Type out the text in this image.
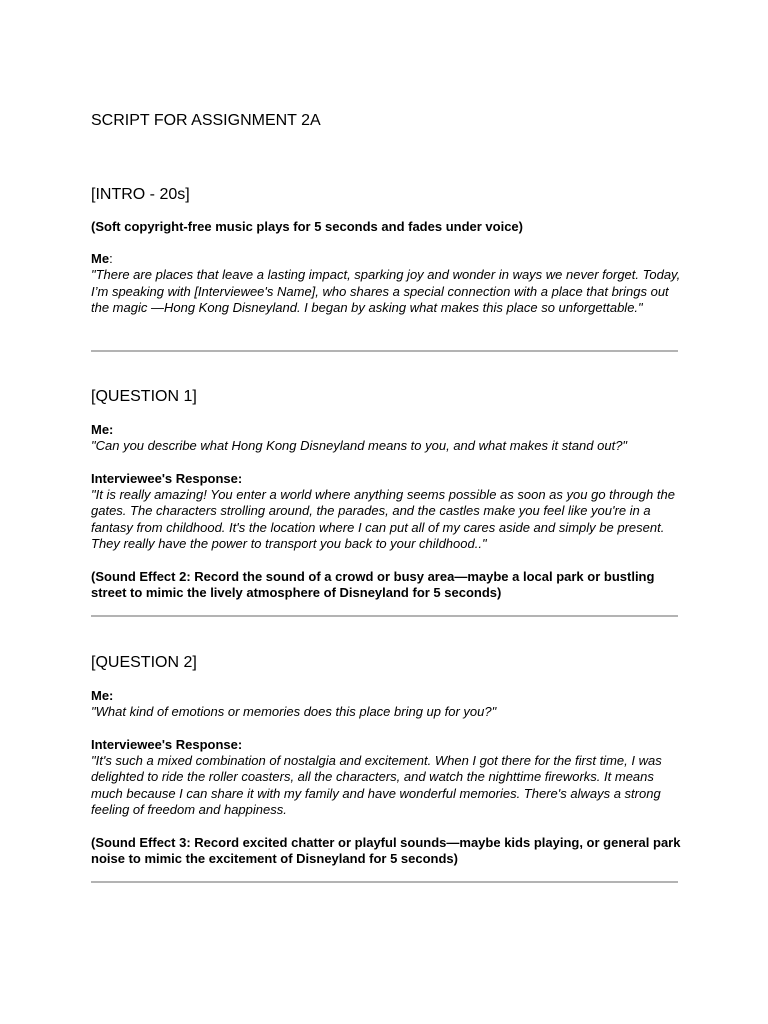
SCRIPT FOR ASSIGNMENT 2A
[INTRO - 20s]

(Soft copyright-free music plays for 5 seconds and fades under voice)

Me:

"There are places that leave a lasting impact, sparking joy and wonder in ways we never forget. Today, I’m speaking with [Interviewee's Name], who shares a special connection with a place that brings out the magic —Hong Kong Disneyland. I began by asking what makes this place so unforgettable."

[QUESTION 1]

Me:

"Can you describe what Hong Kong Disneyland means to you, and what makes it stand out?"

Interviewee's Response:

"It is really amazing! You enter a world where anything seems possible as soon as you go through the gates. The characters strolling around, the parades, and the castles make you feel like you're in a fantasy from childhood. It's the location where I can put all of my cares aside and simply be present. They really have the power to transport you back to your childhood.."

(Sound Effect 2: Record the sound of a crowd or busy area—maybe a local park or bustling street to mimic the lively atmosphere of Disneyland for 5 seconds)

[QUESTION 2]

Me:

"What kind of emotions or memories does this place bring up for you?"

Interviewee's Response:

"It's such a mixed combination of nostalgia and excitement. When I got there for the first time, I was delighted to ride the roller coasters, all the characters, and watch the nighttime fireworks. It means much because I can share it with my family and have wonderful memories. There's always a strong feeling of freedom and happiness.

(Sound Effect 3: Record excited chatter or playful sounds—maybe kids playing, or general park noise to mimic the excitement of Disneyland for 5 seconds)
